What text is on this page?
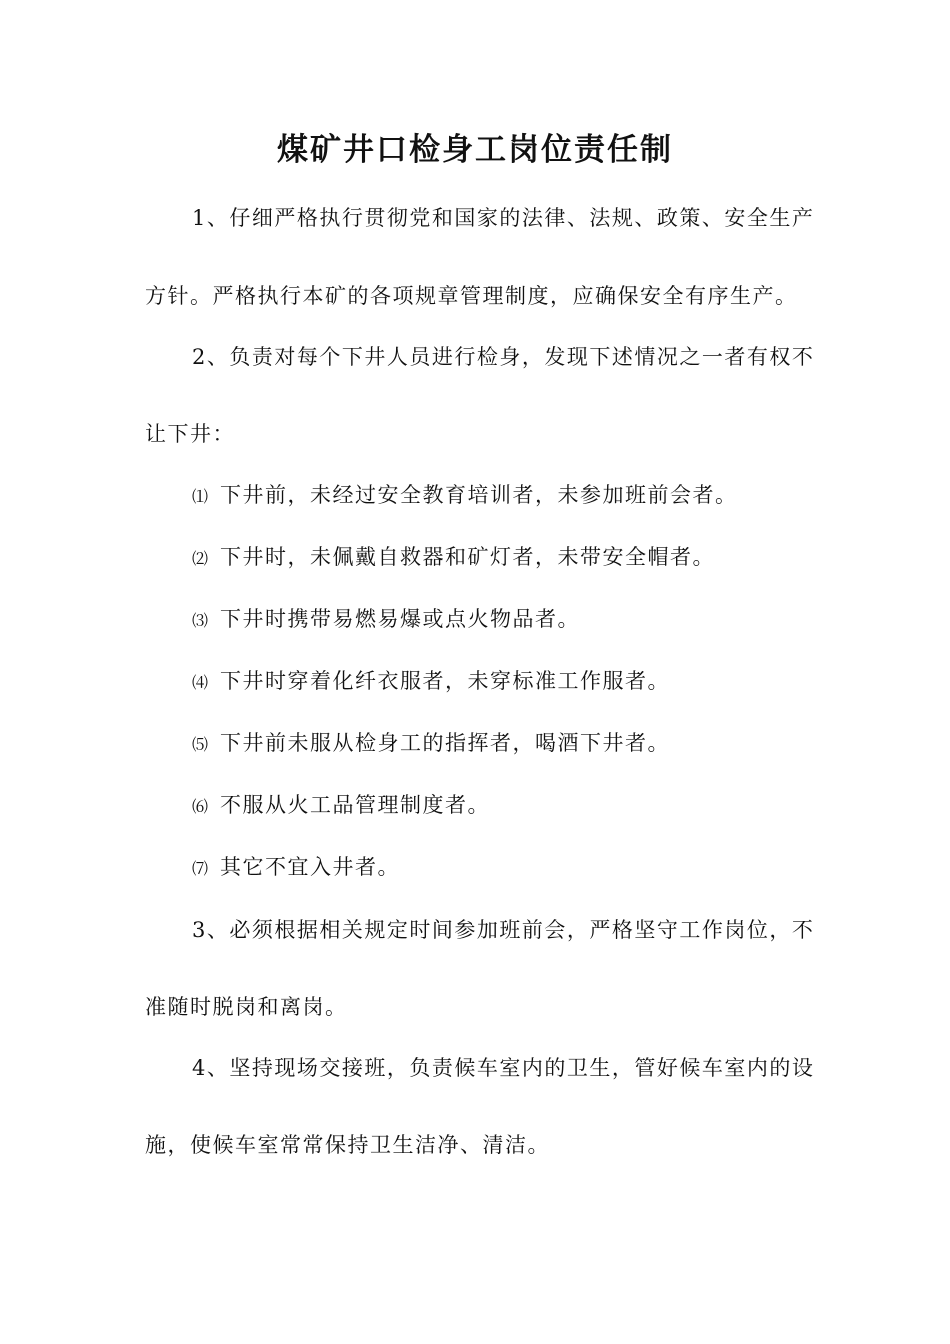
煤矿井口检身工岗位责任制
1、仔细严格执行贯彻党和国家的法律、法规、政策、安全生产
方针。严格执行本矿的各项规章管理制度，应确保安全有序生产。
2、负责对每个下井人员进行检身，发现下述情况之一者有权不
让下井：
⑴ 下井前，未经过安全教育培训者，未参加班前会者。
⑵ 下井时，未佩戴自救器和矿灯者，未带安全帽者。
⑶ 下井时携带易燃易爆或点火物品者。
⑷ 下井时穿着化纤衣服者，未穿标准工作服者。
⑸ 下井前未服从检身工的指挥者，喝酒下井者。
⑹ 不服从火工品管理制度者。
⑺ 其它不宜入井者。
3、必须根据相关规定时间参加班前会，严格坚守工作岗位，不
准随时脱岗和离岗。
4、坚持现场交接班，负责候车室内的卫生，管好候车室内的设
施，使候车室常常保持卫生洁净、清洁。
